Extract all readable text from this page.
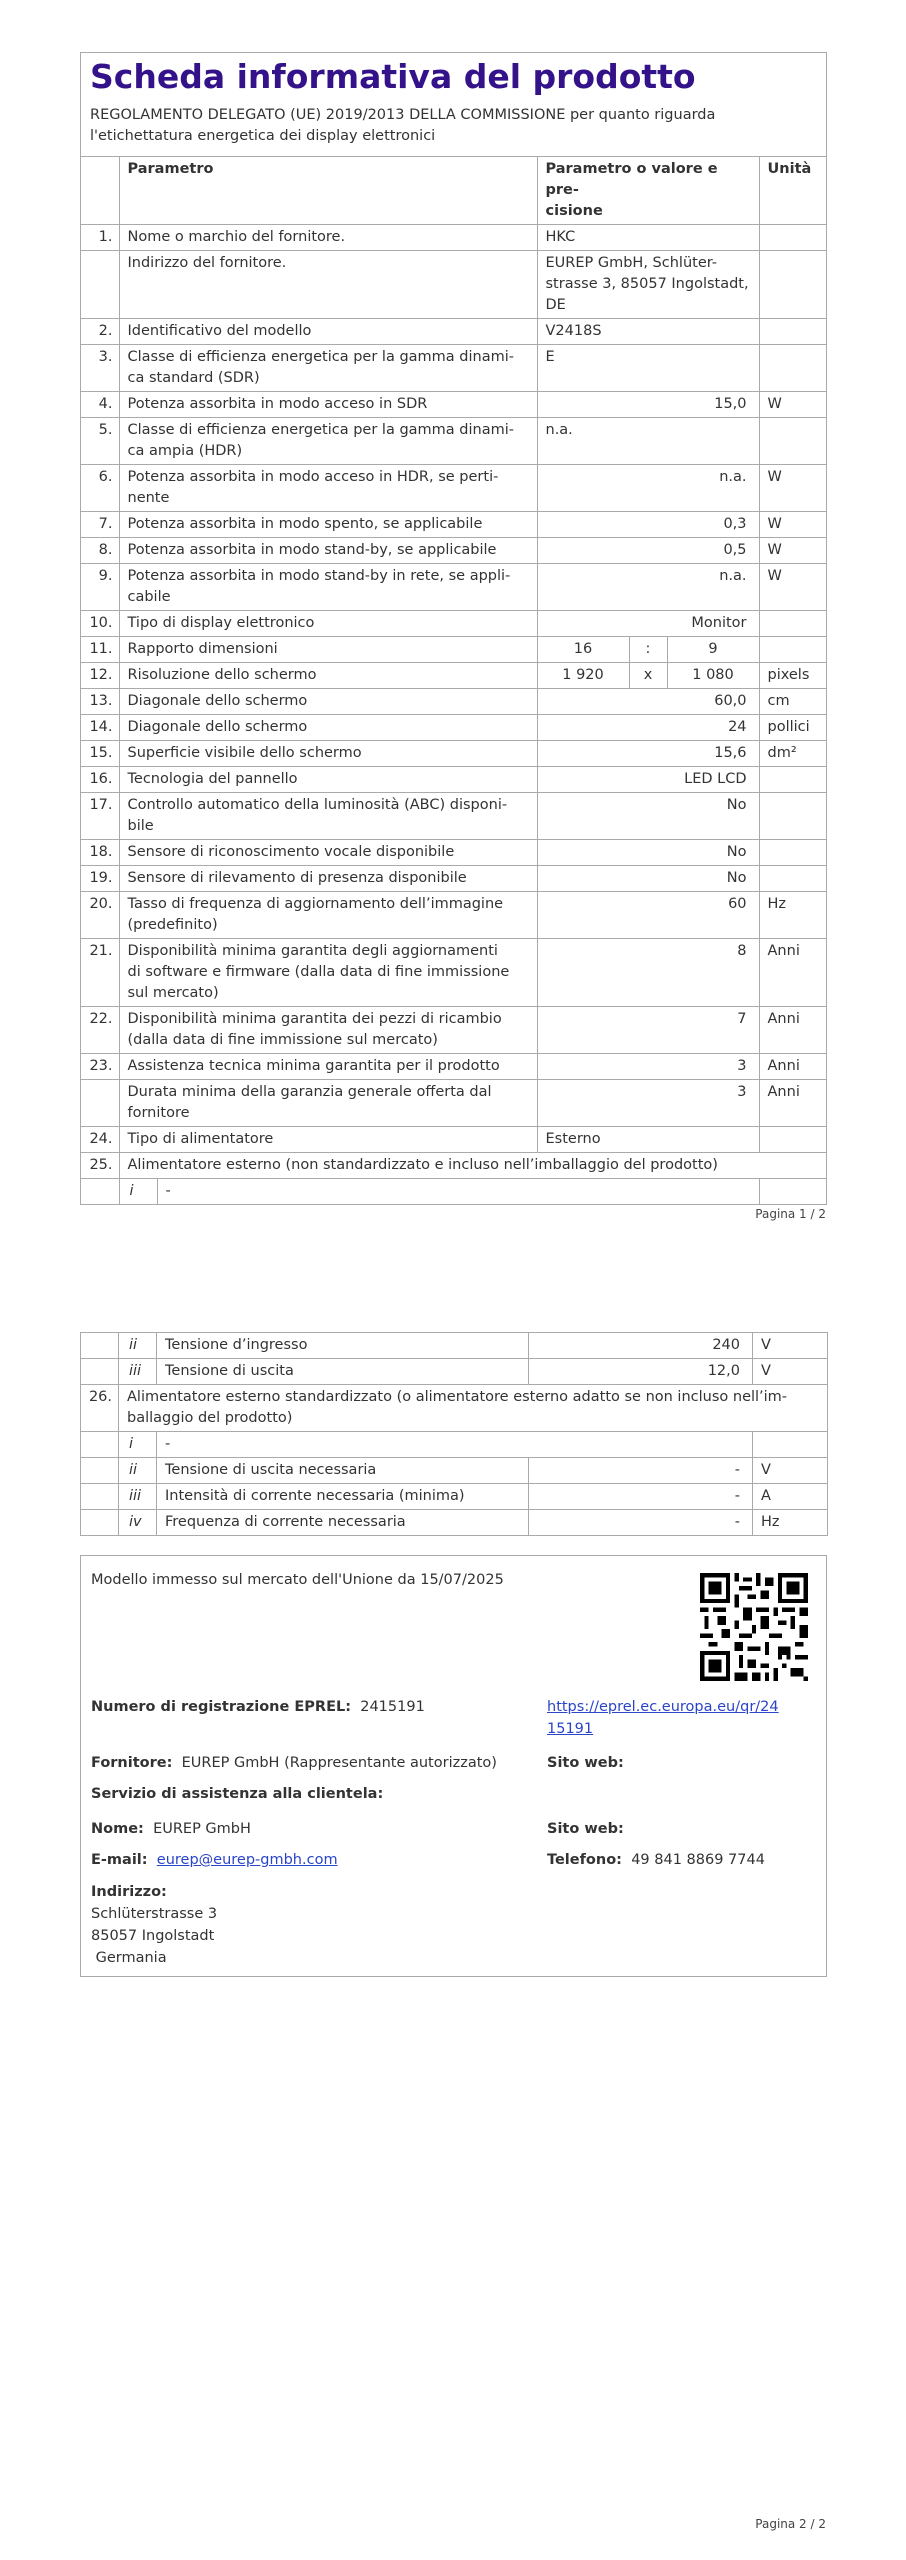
Scheda informativa del prodotto
REGOLAMENTO DELEGATO (UE) 2019/2013 DELLA COMMISSIONE per quanto riguarda
l'etichettatura energetica dei display elettronici
	Parametro	Parametro o valore e pre-
cisione			Unità
1.	Nome o marchio del fornitore.	HKC			
	Indirizzo del fornitore.	EUREP GmbH, Schlüter-
strasse 3, 85057 Ingolstadt,
DE			

2.	Identificativo del modello	V2418S			
3.	Classe di efficienza energetica per la gamma dinami-
ca standard (SDR)	E			
4.	Potenza assorbita in modo acceso in SDR	15,0			W
5.	Classe di efficienza energetica per la gamma dinami-
ca ampia (HDR)	n.a.			
6.	Potenza assorbita in modo acceso in HDR, se perti-
nente	n.a.			W
7.	Potenza assorbita in modo spento, se applicabile	0,3			W
8.	Potenza assorbita in modo stand-by, se applicabile	0,5			W
9.	Potenza assorbita in modo stand-by in rete, se appli-
cabile	n.a.			W
10.	Tipo di display elettronico	Monitor			
11.	Rapporto dimensioni	16	:	9	
12.	Risoluzione dello schermo	1 920	x	1 080	pixels
13.	Diagonale dello schermo	60,0			cm
14.	Diagonale dello schermo	24			pollici
15.	Superficie visibile dello schermo	15,6			dm²
16.	Tecnologia del pannello	LED LCD			
17.	Controllo automatico della luminosità (ABC) disponi-
bile	No			
18.	Sensore di riconoscimento vocale disponibile	No			
19.	Sensore di rilevamento di presenza disponibile	No			
20.	Tasso di frequenza di aggiornamento dell’immagine
(predefinito)	60			Hz
21.	Disponibilità minima garantita degli aggiornamenti
di software e firmware (dalla data di fine immissione
sul mercato)	8			Anni
22.	Disponibilità minima garantita dei pezzi di ricambio
(dalla data di fine immissione sul mercato)	7			Anni
23.	Assistenza tecnica minima garantita per il prodotto	3			Anni

	Durata minima della garanzia generale offerta dal
fornitore	3			Anni
24.	Tipo di alimentatore	Esterno			
25.	Alimentatore esterno (non standardizzato e incluso nell’imballaggio del prodotto)				

	i -				

Pagina 1 / 2
	ii	Tensione d’ingresso	240	V
	iii	Tensione di uscita	12,0	V
26.	Alimentatore esterno standardizzato (o alimentatore esterno adatto se non incluso nell’im-
ballaggio del prodotto)			

	i	-		
	ii	Tensione di uscita necessaria	-	V
	iii	Intensità di corrente necessaria (minima)	-	A
	iv	Frequenza di corrente necessaria	-	Hz
Modello immesso sul mercato dell'Unione da 15/07/2025
Numero di registrazione EPREL: 2415191	https://eprel.ec.europa.eu/qr/24
15191
Fornitore: EUREP GmbH (Rappresentante autorizzato)	Sito web:
Servizio di assistenza alla clientela:
Nome: EUREP GmbH	Sito web:
E-mail: eurep@eurep-gmbh.com	Telefono: 49 841 8869 7744
Indirizzo:
Schlüterstrasse 3
85057 Ingolstadt
Germania
Pagina 2 / 2
